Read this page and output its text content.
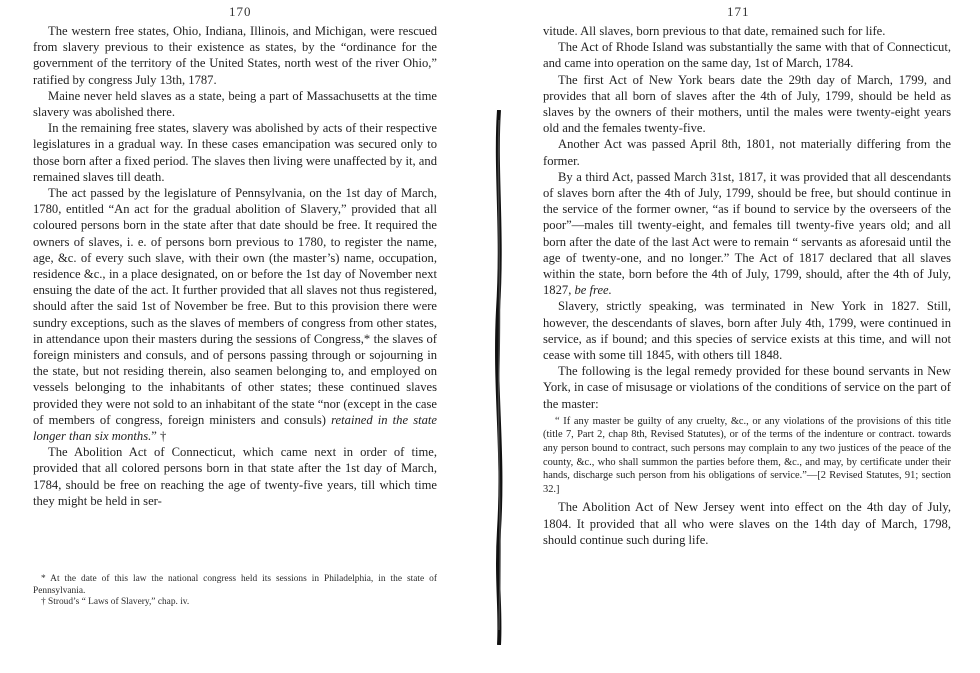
170

The western free states, Ohio, Indiana, Illinois, and Michigan, were rescued from slavery previous to their existence as states, by the “ordinance for the government of the territory of the United States, north west of the river Ohio,” ratified by congress July 13th, 1787.

Maine never held slaves as a state, being a part of Massachusetts at the time slavery was abolished there.

In the remaining free states, slavery was abolished by acts of their respective legislatures in a gradual way. In these cases emancipation was secured only to those born after a fixed period. The slaves then living were unaffected by it, and remained slaves till death.

The act passed by the legislature of Pennsylvania, on the 1st day of March, 1780, entitled “An act for the gradual abolition of Slavery,” provided that all coloured persons born in the state after that date should be free. It required the owners of slaves, i. e. of persons born previous to 1780, to register the name, age, &c. of every such slave, with their own (the master’s) name, occupation, residence &c., in a place designated, on or before the 1st day of November next ensuing the date of the act. It further provided that all slaves not thus registered, should after the said 1st of November be free. But to this provision there were sundry exceptions, such as the slaves of members of congress from other states, in attendance upon their masters during the sessions of Congress,* the slaves of foreign ministers and consuls, and of persons passing through or sojourning in the state, but not residing therein, also seamen belonging to, and employed on vessels belonging to the inhabitants of other states; these continued slaves provided they were not sold to an inhabitant of the state “nor (except in the case of members of congress, foreign ministers and consuls) retained in the state longer than six months.” †

The Abolition Act of Connecticut, which came next in order of time, provided that all colored persons born in that state after the 1st day of March, 1784, should be free on reaching the age of twenty-five years, till which time they might be held in ser-

* At the date of this law the national congress held its sessions in Philadelphia, in the state of Pennsylvania.

† Stroud’s “ Laws of Slavery,” chap. iv.

171

vitude. All slaves, born previous to that date, remained such for life.

The Act of Rhode Island was substantially the same with that of Connecticut, and came into operation on the same day, 1st of March, 1784.

The first Act of New York bears date the 29th day of March, 1799, and provides that all born of slaves after the 4th of July, 1799, should be held as slaves by the owners of their mothers, until the males were twenty-eight years old and the females twenty-five.

Another Act was passed April 8th, 1801, not materially differing from the former.

By a third Act, passed March 31st, 1817, it was provided that all descendants of slaves born after the 4th of July, 1799, should be free, but should continue in the service of the former owner, “as if bound to service by the overseers of the poor”—males till twenty-eight, and females till twenty-five years old; and all born after the date of the last Act were to remain “ servants as aforesaid until the age of twenty-one, and no longer.” The Act of 1817 declared that all slaves within the state, born before the 4th of July, 1799, should, after the 4th of July, 1827, be free.

Slavery, strictly speaking, was terminated in New York in 1827. Still, however, the descendants of slaves, born after July 4th, 1799, were continued in service, as if bound; and this species of service exists at this time, and will not cease with some till 1845, with others till 1848.

The following is the legal remedy provided for these bound servants in New York, in case of misusage or violations of the conditions of service on the part of the master:

“ If any master be guilty of any cruelty, &c., or any violations of the provisions of this title (title 7, Part 2, chap 8th, Revised Statutes), or of the terms of the indenture or contract. towards any person bound to contract, such persons may complain to any two justices of the peace of the county, &c., who shall summon the parties before them, &c., and may, by certificate under their hands, discharge such person from his obligations of service.”—[2 Revised Statutes, 91; section 32.]

The Abolition Act of New Jersey went into effect on the 4th day of July, 1804. It provided that all who were slaves on the 14th day of March, 1798, should continue such during life.
